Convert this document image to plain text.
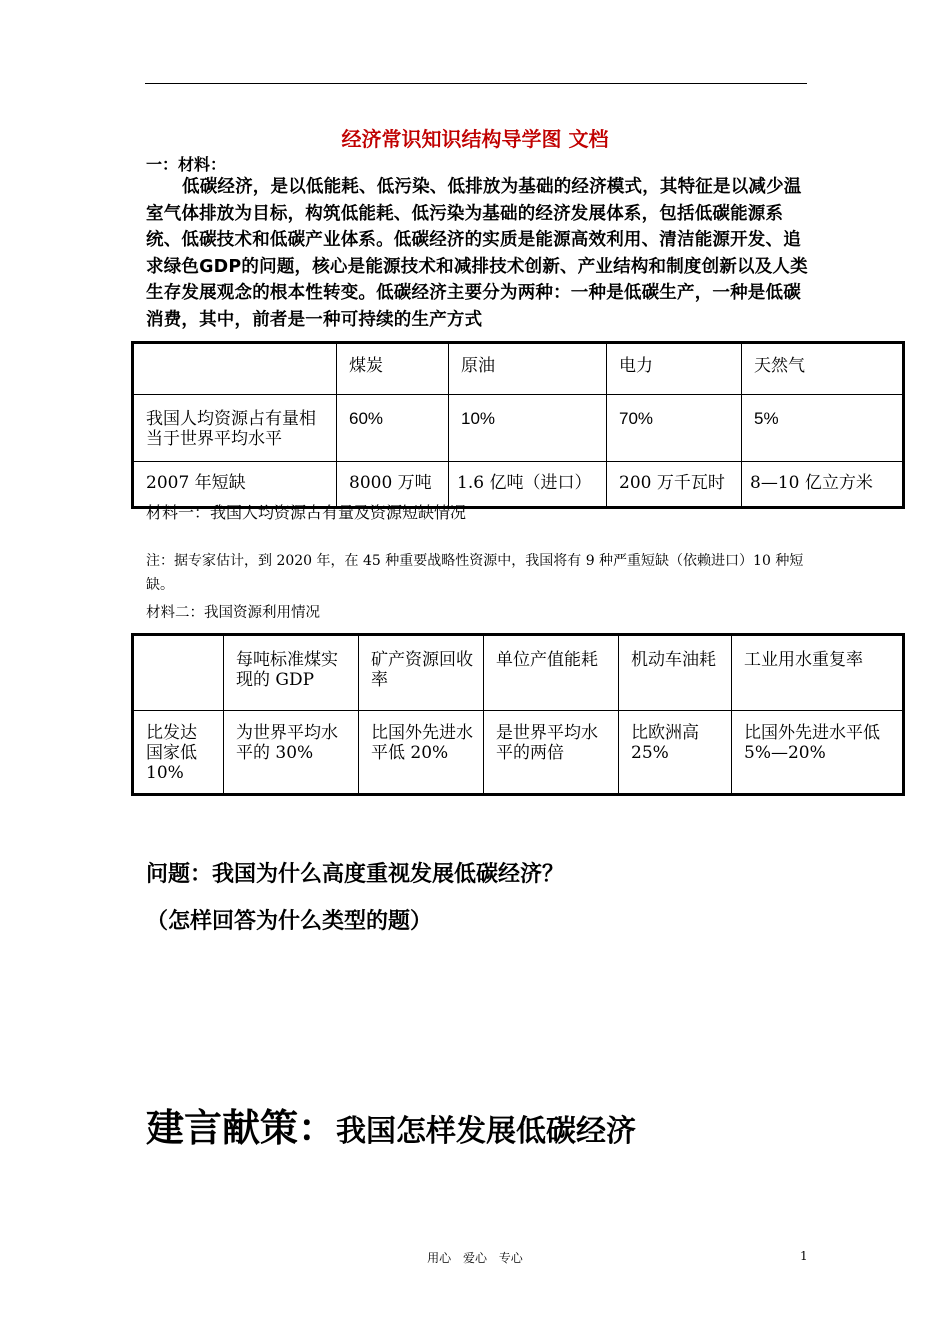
经济常识知识结构导学图 文档
一：材料：
低碳经济，是以低能耗、低污染、低排放为基础的经济模式，其特征是以减少温室气体排放为目标，构筑低能耗、低污染为基础的经济发展体系，包括低碳能源系统、低碳技术和低碳产业体系。低碳经济的实质是能源高效利用、清洁能源开发、追求绿色GDP的问题，核心是能源技术和减排技术创新、产业结构和制度创新以及人类生存发展观念的根本性转变。低碳经济主要分为两种：一种是低碳生产，一种是低碳消费，其中，前者是一种可持续的生产方式
	煤炭	原油	电力	天然气
我国人均资源占有量相当于世界平均水平	60%	10%	70%	5%
2007 年短缺	8000 万吨	1.6 亿吨（进口）	200 万千瓦时	8—10 亿立方米
材料一：我国人均资源占有量及资源短缺情况
注：据专家估计，到 2020 年，在 45 种重要战略性资源中，我国将有 9 种严重短缺（依赖进口）10 种短缺。
材料二：我国资源利用情况
	每吨标准煤实现的 GDP	矿产资源回收率	单位产值能耗	机动车油耗	工业用水重复率
比发达国家低 10%	为世界平均水平的 30%	比国外先进水平低 20%	是世界平均水平的两倍	比欧洲高 25%	比国外先进水平低 5%—20%
问题：我国为什么高度重视发展低碳经济？
（怎样回答为什么类型的题）
建言献策：我国怎样发展低碳经济
用心 爱心 专心	1
